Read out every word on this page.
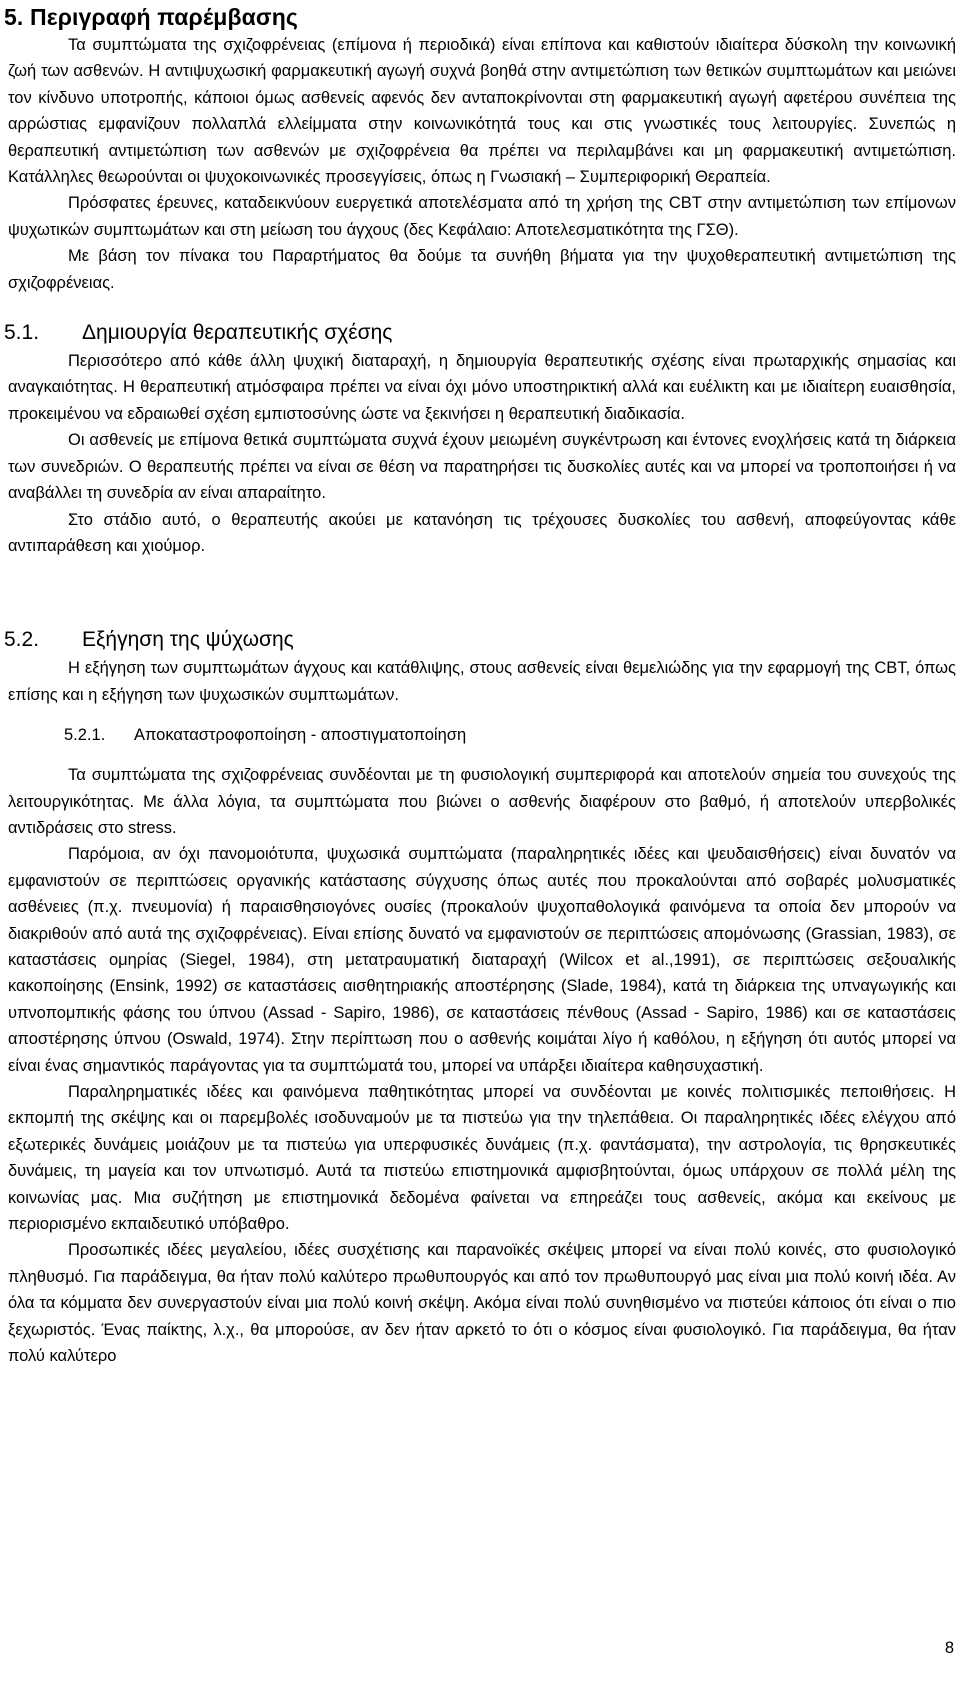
5. Περιγραφή παρέμβασης

Τα συμπτώματα της σχιζοφρένειας (επίμονα ή περιοδικά) είναι επίπονα και καθιστούν ιδιαίτερα δύσκολη την κοινωνική ζωή των ασθενών. Η αντιψυχωσική φαρμακευτική αγωγή συχνά βοηθά στην αντιμετώπιση των θετικών συμπτωμάτων και μειώνει τον κίνδυνο υποτροπής, κάποιοι όμως ασθενείς αφενός δεν ανταποκρίνονται στη φαρμακευτική αγωγή αφετέρου συνέπεια της αρρώστιας εμφανίζουν πολλαπλά ελλείμματα στην κοινωνικότητά τους και στις γνωστικές τους λειτουργίες. Συνεπώς η θεραπευτική αντιμετώπιση των ασθενών με σχιζοφρένεια θα πρέπει να περιλαμβάνει και μη φαρμακευτική αντιμετώπιση. Κατάλληλες θεωρούνται οι ψυχοκοινωνικές προσεγγίσεις, όπως η Γνωσιακή – Συμπεριφορική Θεραπεία.

Πρόσφατες έρευνες, καταδεικνύουν ευεργετικά αποτελέσματα από τη χρήση της CBT στην αντιμετώπιση των επίμονων ψυχωτικών συμπτωμάτων και στη μείωση του άγχους (δες Κεφάλαιο: Αποτελεσματικότητα της ΓΣΘ).

Με βάση τον πίνακα του Παραρτήματος θα δούμε τα συνήθη βήματα για την ψυχοθεραπευτική αντιμετώπιση της σχιζοφρένειας.

5.1. Δημιουργία θεραπευτικής σχέσης

Περισσότερο από κάθε άλλη ψυχική διαταραχή, η δημιουργία θεραπευτικής σχέσης είναι πρωταρχικής σημασίας και αναγκαιότητας. Η θεραπευτική ατμόσφαιρα πρέπει να είναι όχι μόνο υποστηρικτική αλλά και ευέλικτη και με ιδιαίτερη ευαισθησία, προκειμένου να εδραιωθεί σχέση εμπιστοσύνης ώστε να ξεκινήσει η θεραπευτική διαδικασία.

Οι ασθενείς με επίμονα θετικά συμπτώματα συχνά έχουν μειωμένη συγκέντρωση και έντονες ενοχλήσεις κατά τη διάρκεια των συνεδριών. Ο θεραπευτής πρέπει να είναι σε θέση να παρατηρήσει τις δυσκολίες αυτές και να μπορεί να τροποποιήσει ή να αναβάλλει τη συνεδρία αν είναι απαραίτητο.

Στο στάδιο αυτό, ο θεραπευτής ακούει με κατανόηση τις τρέχουσες δυσκολίες του ασθενή, αποφεύγοντας κάθε αντιπαράθεση και χιούμορ.

5.2. Εξήγηση της ψύχωσης

Η εξήγηση των συμπτωμάτων άγχους και κατάθλιψης, στους ασθενείς είναι θεμελιώδης για την εφαρμογή της CBT, όπως επίσης και η εξήγηση των ψυχωσικών συμπτωμάτων.

5.2.1. Αποκαταστροφοποίηση - αποστιγματοποίηση

Τα συμπτώματα της σχιζοφρένειας συνδέονται με τη φυσιολογική συμπεριφορά και αποτελούν σημεία του συνεχούς της λειτουργικότητας. Με άλλα λόγια, τα συμπτώματα που βιώνει ο ασθενής διαφέρουν στο βαθμό, ή αποτελούν υπερβολικές αντιδράσεις στο stress.

Παρόμοια, αν όχι πανομοιότυπα, ψυχωσικά συμπτώματα (παραληρητικές ιδέες και ψευδαισθήσεις) είναι δυνατόν να εμφανιστούν σε περιπτώσεις οργανικής κατάστασης σύγχυσης όπως αυτές που προκαλούνται από σοβαρές μολυσματικές ασθένειες (π.χ. πνευμονία) ή παραισθησιογόνες ουσίες (προκαλούν ψυχοπαθολογικά φαινόμενα τα οποία δεν μπορούν να διακριθούν από αυτά της σχιζοφρένειας). Είναι επίσης δυνατό να εμφανιστούν σε περιπτώσεις απομόνωσης (Grassian, 1983), σε καταστάσεις ομηρίας (Siegel, 1984), στη μετατραυματική διαταραχή (Wilcox et al.,1991), σε περιπτώσεις σεξουαλικής κακοποίησης (Ensink, 1992) σε καταστάσεις αισθητηριακής αποστέρησης (Slade, 1984), κατά τη διάρκεια της υπναγωγικής και υπνοπομπικής φάσης του ύπνου (Assad - Sapiro, 1986), σε καταστάσεις πένθους (Assad - Sapiro, 1986) και σε καταστάσεις αποστέρησης ύπνου (Oswald, 1974). Στην περίπτωση που ο ασθενής κοιμάται λίγο ή καθόλου, η εξήγηση ότι αυτός μπορεί να είναι ένας σημαντικός παράγοντας για τα συμπτώματά του, μπορεί να υπάρξει ιδιαίτερα καθησυχαστική.

Παραληρηματικές ιδέες και φαινόμενα παθητικότητας μπορεί να συνδέονται με κοινές πολιτισμικές πεποιθήσεις. Η εκπομπή της σκέψης και οι παρεμβολές ισοδυναμούν με τα πιστεύω για την τηλεπάθεια. Οι παραληρητικές ιδέες ελέγχου από εξωτερικές δυνάμεις μοιάζουν με τα πιστεύω για υπερφυσικές δυνάμεις (π.χ. φαντάσματα), την αστρολογία, τις θρησκευτικές δυνάμεις, τη μαγεία και τον υπνωτισμό. Αυτά τα πιστεύω επιστημονικά αμφισβητούνται, όμως υπάρχουν σε πολλά μέλη της κοινωνίας μας. Μια συζήτηση με επιστημονικά δεδομένα φαίνεται να επηρεάζει τους ασθενείς, ακόμα και εκείνους με περιορισμένο εκπαιδευτικό υπόβαθρο.

Προσωπικές ιδέες μεγαλείου, ιδέες συσχέτισης και παρανοϊκές σκέψεις μπορεί να είναι πολύ κοινές, στο φυσιολογικό πληθυσμό. Για παράδειγμα, θα ήταν πολύ καλύτερο πρωθυπουργός και από τον πρωθυπουργό μας είναι μια πολύ κοινή ιδέα. Αν όλα τα κόμματα δεν συνεργαστούν είναι μια πολύ κοινή σκέψη. Ακόμα είναι πολύ συνηθισμένο να πιστεύει κάποιος ότι είναι ο πιο ξεχωριστός. Ένας παίκτης, λ.χ., θα μπορούσε, αν δεν ήταν αρκετό το ότι ο κόσμος είναι φυσιολογικό. Για παράδειγμα, θα ήταν πολύ καλύτερο

8
